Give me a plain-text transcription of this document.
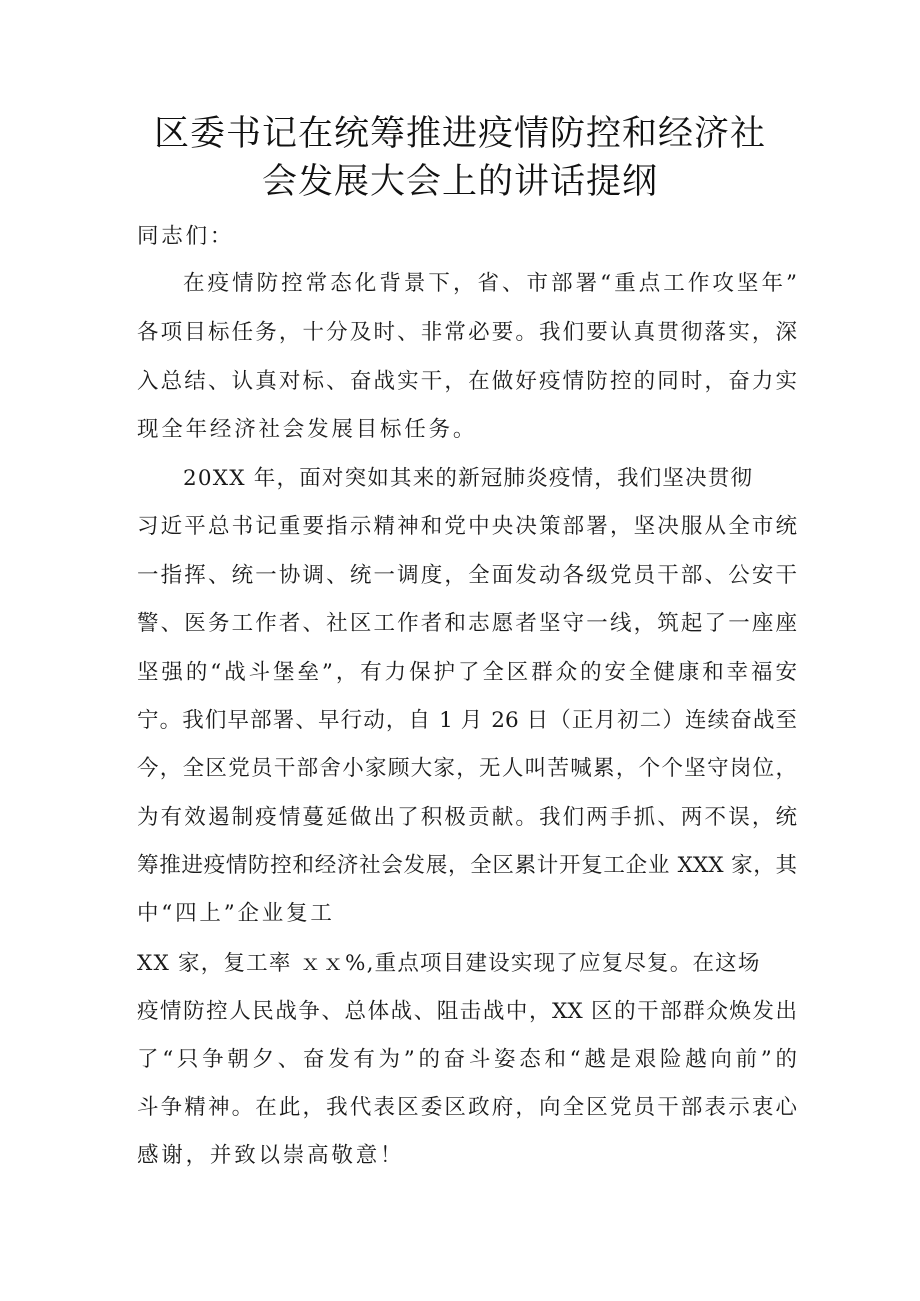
区委书记在统筹推进疫情防控和经济社
会发展大会上的讲话提纲
同志们：
在疫情防控常态化背景下，省、市部署“重点工作攻坚年”
各项目标任务，十分及时、非常必要。我们要认真贯彻落实，深
入总结、认真对标、奋战实干，在做好疫情防控的同时，奋力实
现全年经济社会发展目标任务。
20XX 年，面对突如其来的新冠肺炎疫情，我们坚决贯彻
习近平总书记重要指示精神和党中央决策部署，坚决服从全市统
一指挥、统一协调、统一调度，全面发动各级党员干部、公安干
警、医务工作者、社区工作者和志愿者坚守一线，筑起了一座座
坚强的“战斗堡垒”，有力保护了全区群众的安全健康和幸福安
宁。我们早部署、早行动，自 1 月 26 日（正月初二）连续奋战至
今，全区党员干部舍小家顾大家，无人叫苦喊累，个个坚守岗位，
为有效遏制疫情蔓延做出了积极贡献。我们两手抓、两不误，统
筹推进疫情防控和经济社会发展，全区累计开复工企业 XXX 家，其
中“四上”企业复工
XX 家，复工率 ｘｘ%,重点项目建设实现了应复尽复。在这场
疫情防控人民战争、总体战、阻击战中，XX 区的干部群众焕发出
了“只争朝夕、奋发有为”的奋斗姿态和“越是艰险越向前”的
斗争精神。在此，我代表区委区政府，向全区党员干部表示衷心
感谢，并致以崇高敬意！
